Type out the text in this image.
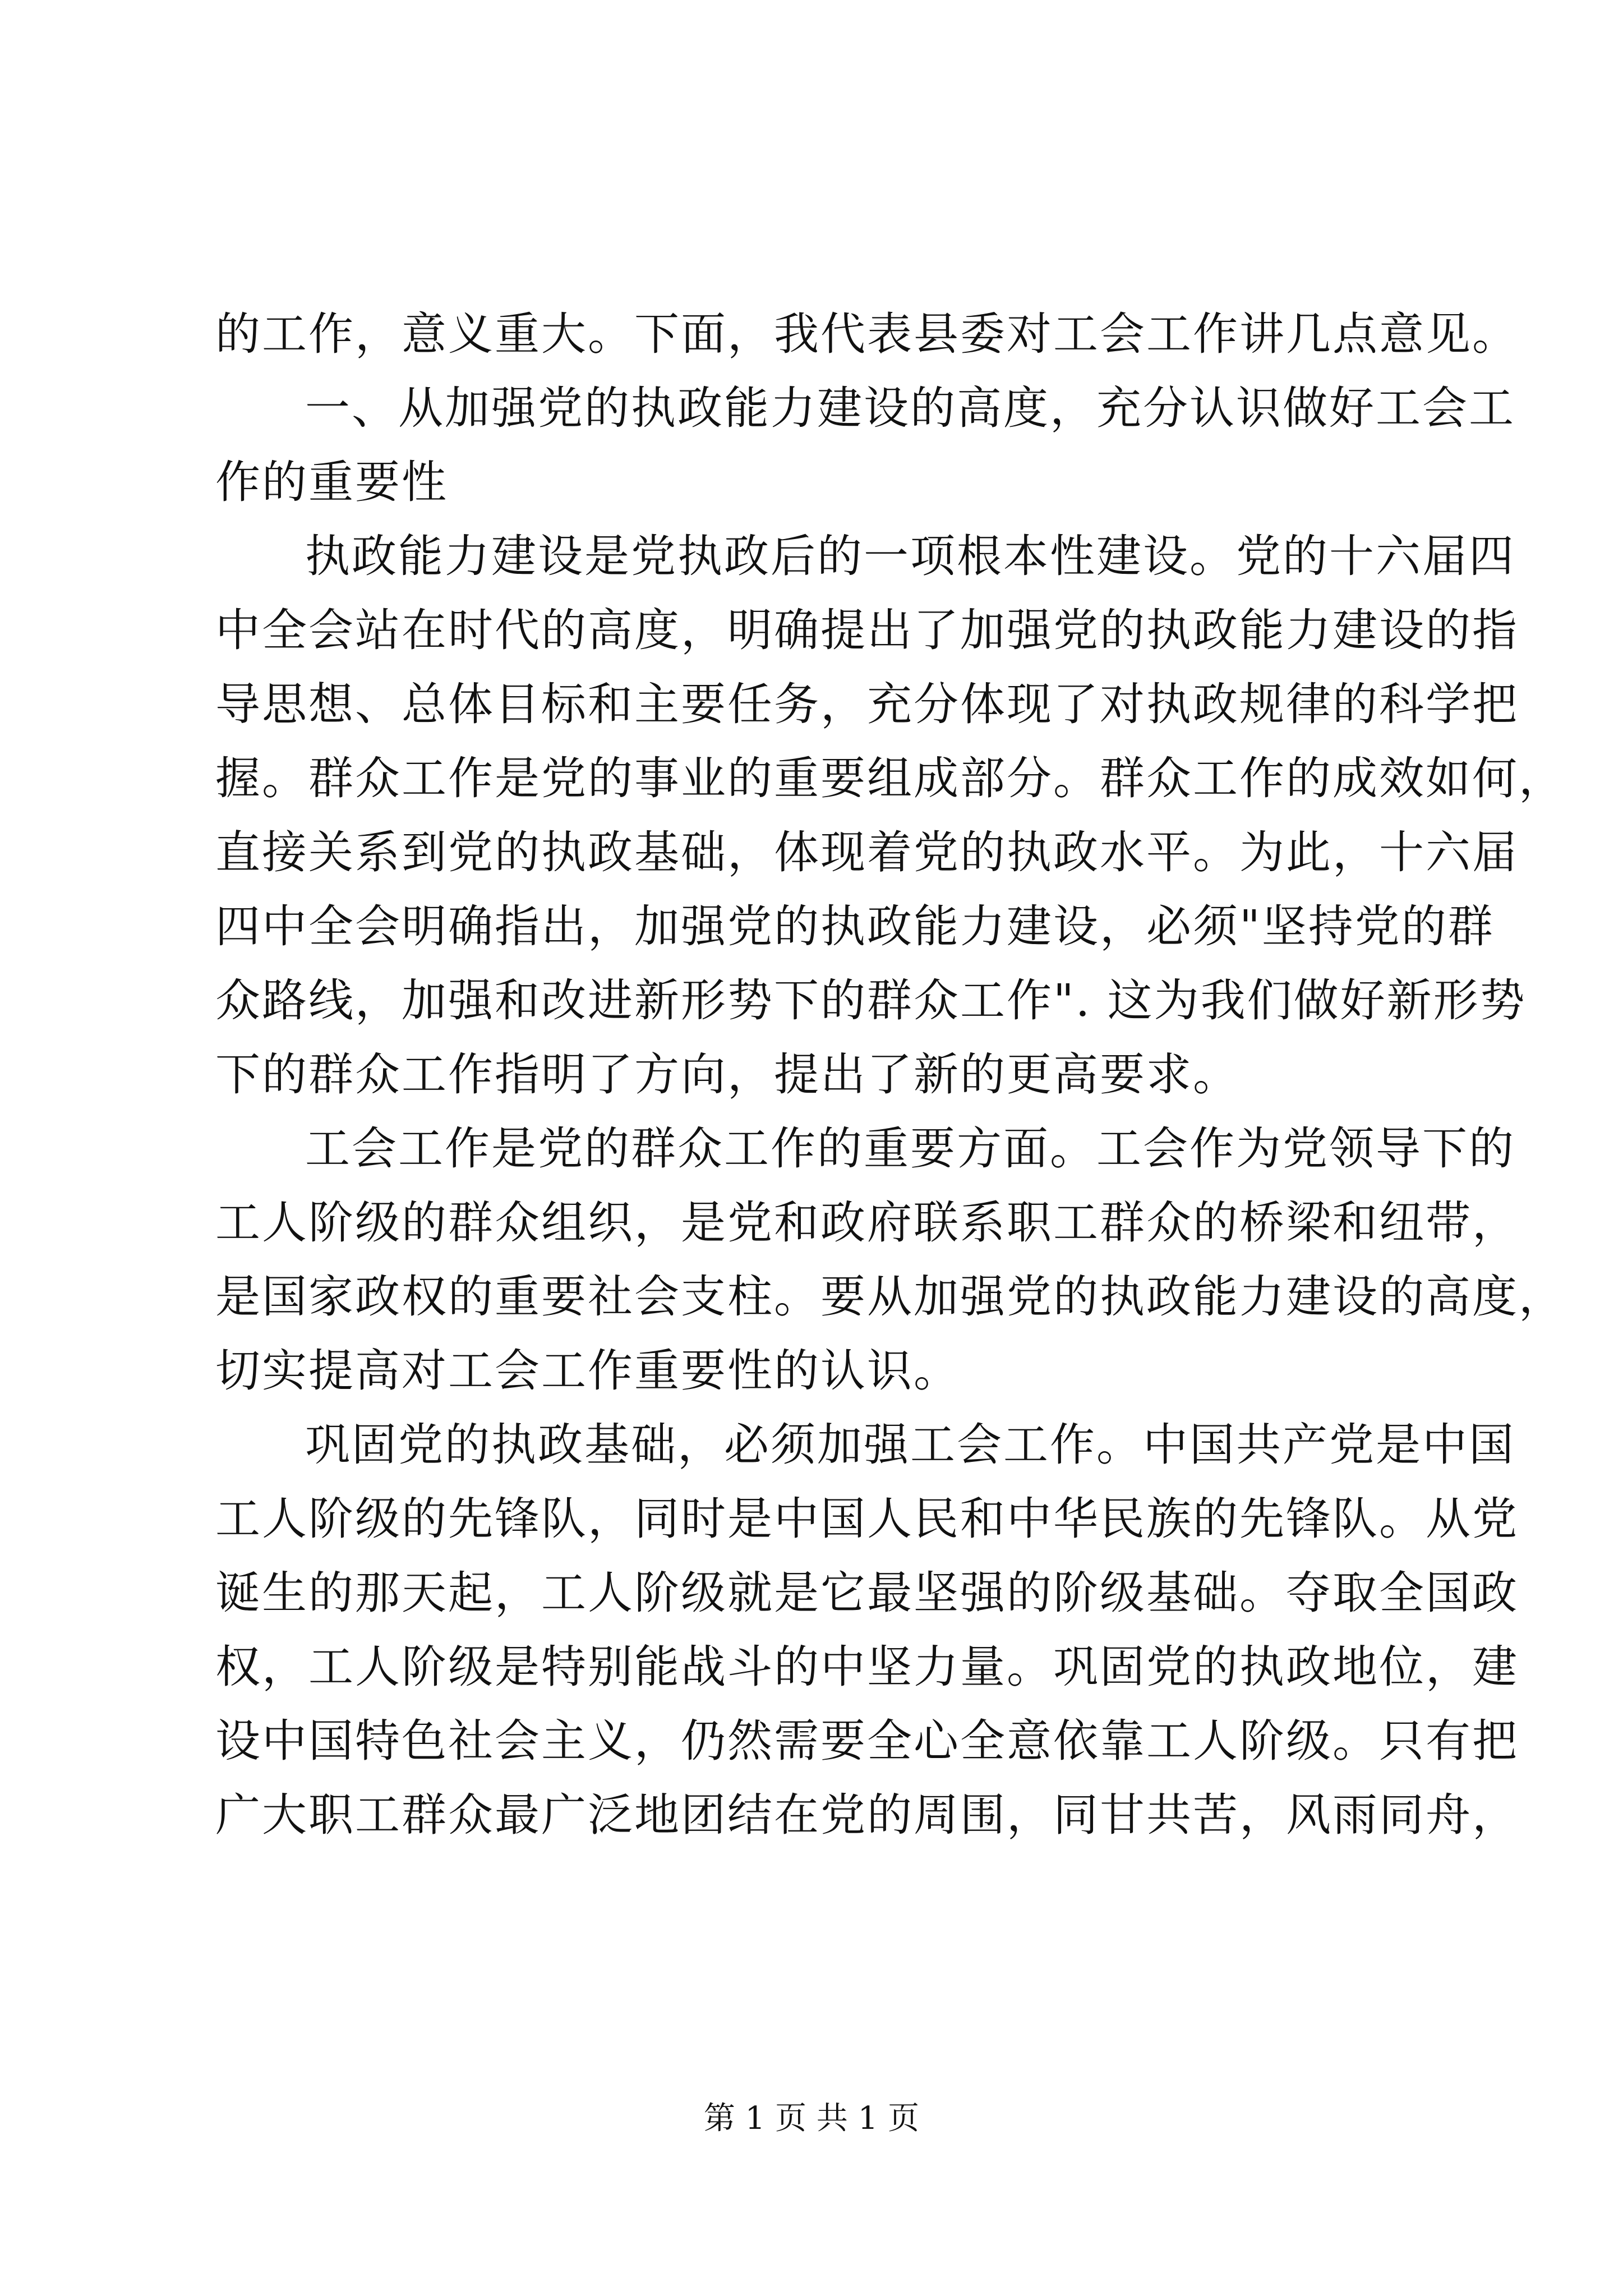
的工作，意义重大。下面，我代表县委对工会工作讲几点意见。
一、从加强党的执政能力建设的高度，充分认识做好工会工
作的重要性
执政能力建设是党执政后的一项根本性建设。党的十六届四
中全会站在时代的高度，明确提出了加强党的执政能力建设的指
导思想、总体目标和主要任务，充分体现了对执政规律的科学把
握。群众工作是党的事业的重要组成部分。群众工作的成效如何，
直接关系到党的执政基础，体现着党的执政水平。为此，十六届
四中全会明确指出，加强党的执政能力建设，必须"坚持党的群
众路线，加强和改进新形势下的群众工作". 这为我们做好新形势
下的群众工作指明了方向，提出了新的更高要求。
工会工作是党的群众工作的重要方面。工会作为党领导下的
工人阶级的群众组织，是党和政府联系职工群众的桥梁和纽带，
是国家政权的重要社会支柱。要从加强党的执政能力建设的高度，
切实提高对工会工作重要性的认识。
巩固党的执政基础，必须加强工会工作。中国共产党是中国
工人阶级的先锋队，同时是中国人民和中华民族的先锋队。从党
诞生的那天起，工人阶级就是它最坚强的阶级基础。夺取全国政
权，工人阶级是特别能战斗的中坚力量。巩固党的执政地位，建
设中国特色社会主义，仍然需要全心全意依靠工人阶级。只有把
广大职工群众最广泛地团结在党的周围，同甘共苦，风雨同舟，
第 1 页 共 1 页
